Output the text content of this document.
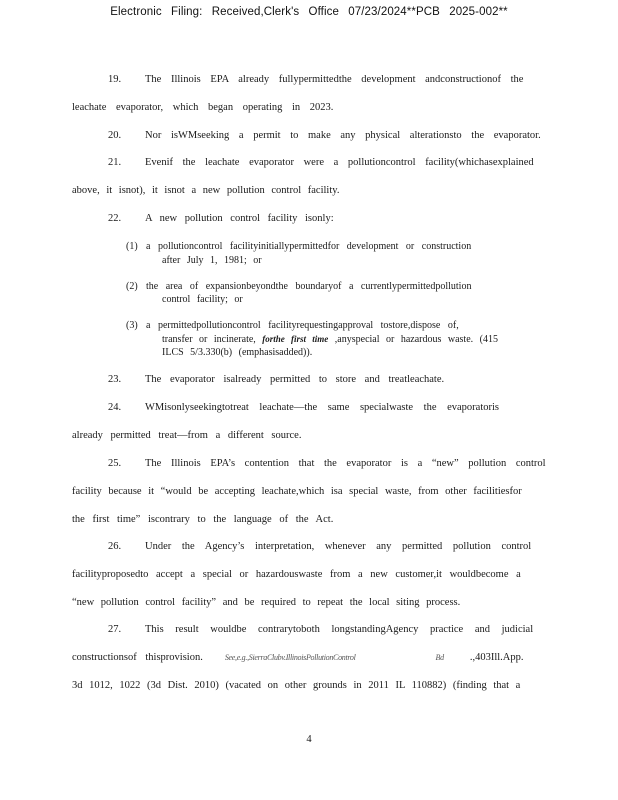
Electronic Filing: Received,Clerk's Office 07/23/2024**PCB 2025-002**
19. The Illinois EPA already fullypermittedthe development andconstructionof the
leachate evaporator, which began operating in 2023.
20. Nor isWMseeking a permit to make any physical alterationsto the evaporator.
21. Evenif the leachate evaporator were a pollutioncontrol facility(whichasexplained
above, it isnot), it isnot a new pollution control facility.
22. A new pollution control facility isonly:
(1) a pollutioncontrol facilityinitiallypermittedfor development or construction
after July 1, 1981; or
(2) the area of expansionbeyondthe boundaryof a currentlypermittedpollution
control facility; or
(3) a permittedpollutioncontrol facilityrequestingapproval tostore,dispose of,
transfer or incinerate, forthe first time ,anyspecial or hazardous waste. (415
ILCS 5/3.330(b) (emphasisadded)).
23. The evaporator isalready permitted to store and treatleachate.
24. WMisonlyseekingtotreat leachate—the same specialwaste the evaporatoris
already permitted treat—from a different source.
25. The Illinois EPA’s contention that the evaporator is a “new” pollution control
facility because it “would be accepting leachate,which isa special waste, from other facilitiesfor
the first time” iscontrary to the language of the Act.
26. Under the Agency’s interpretation, whenever any permitted pollution control
facilityproposedto accept a special or hazardouswaste from a new customer,it wouldbecome a
“new pollution control facility” and be required to repeat the local siting process.
27. This result wouldbe contrarytoboth longstandingAgency practice and judicial
constructionsof thisprovision.	See,e.g.,SierraClubv.IllinoisPollutionControl	Bd .,403Ill.App.
3d 1012, 1022 (3d Dist. 2010) (vacated on other grounds in 2011 IL 110882) (finding that a
4
